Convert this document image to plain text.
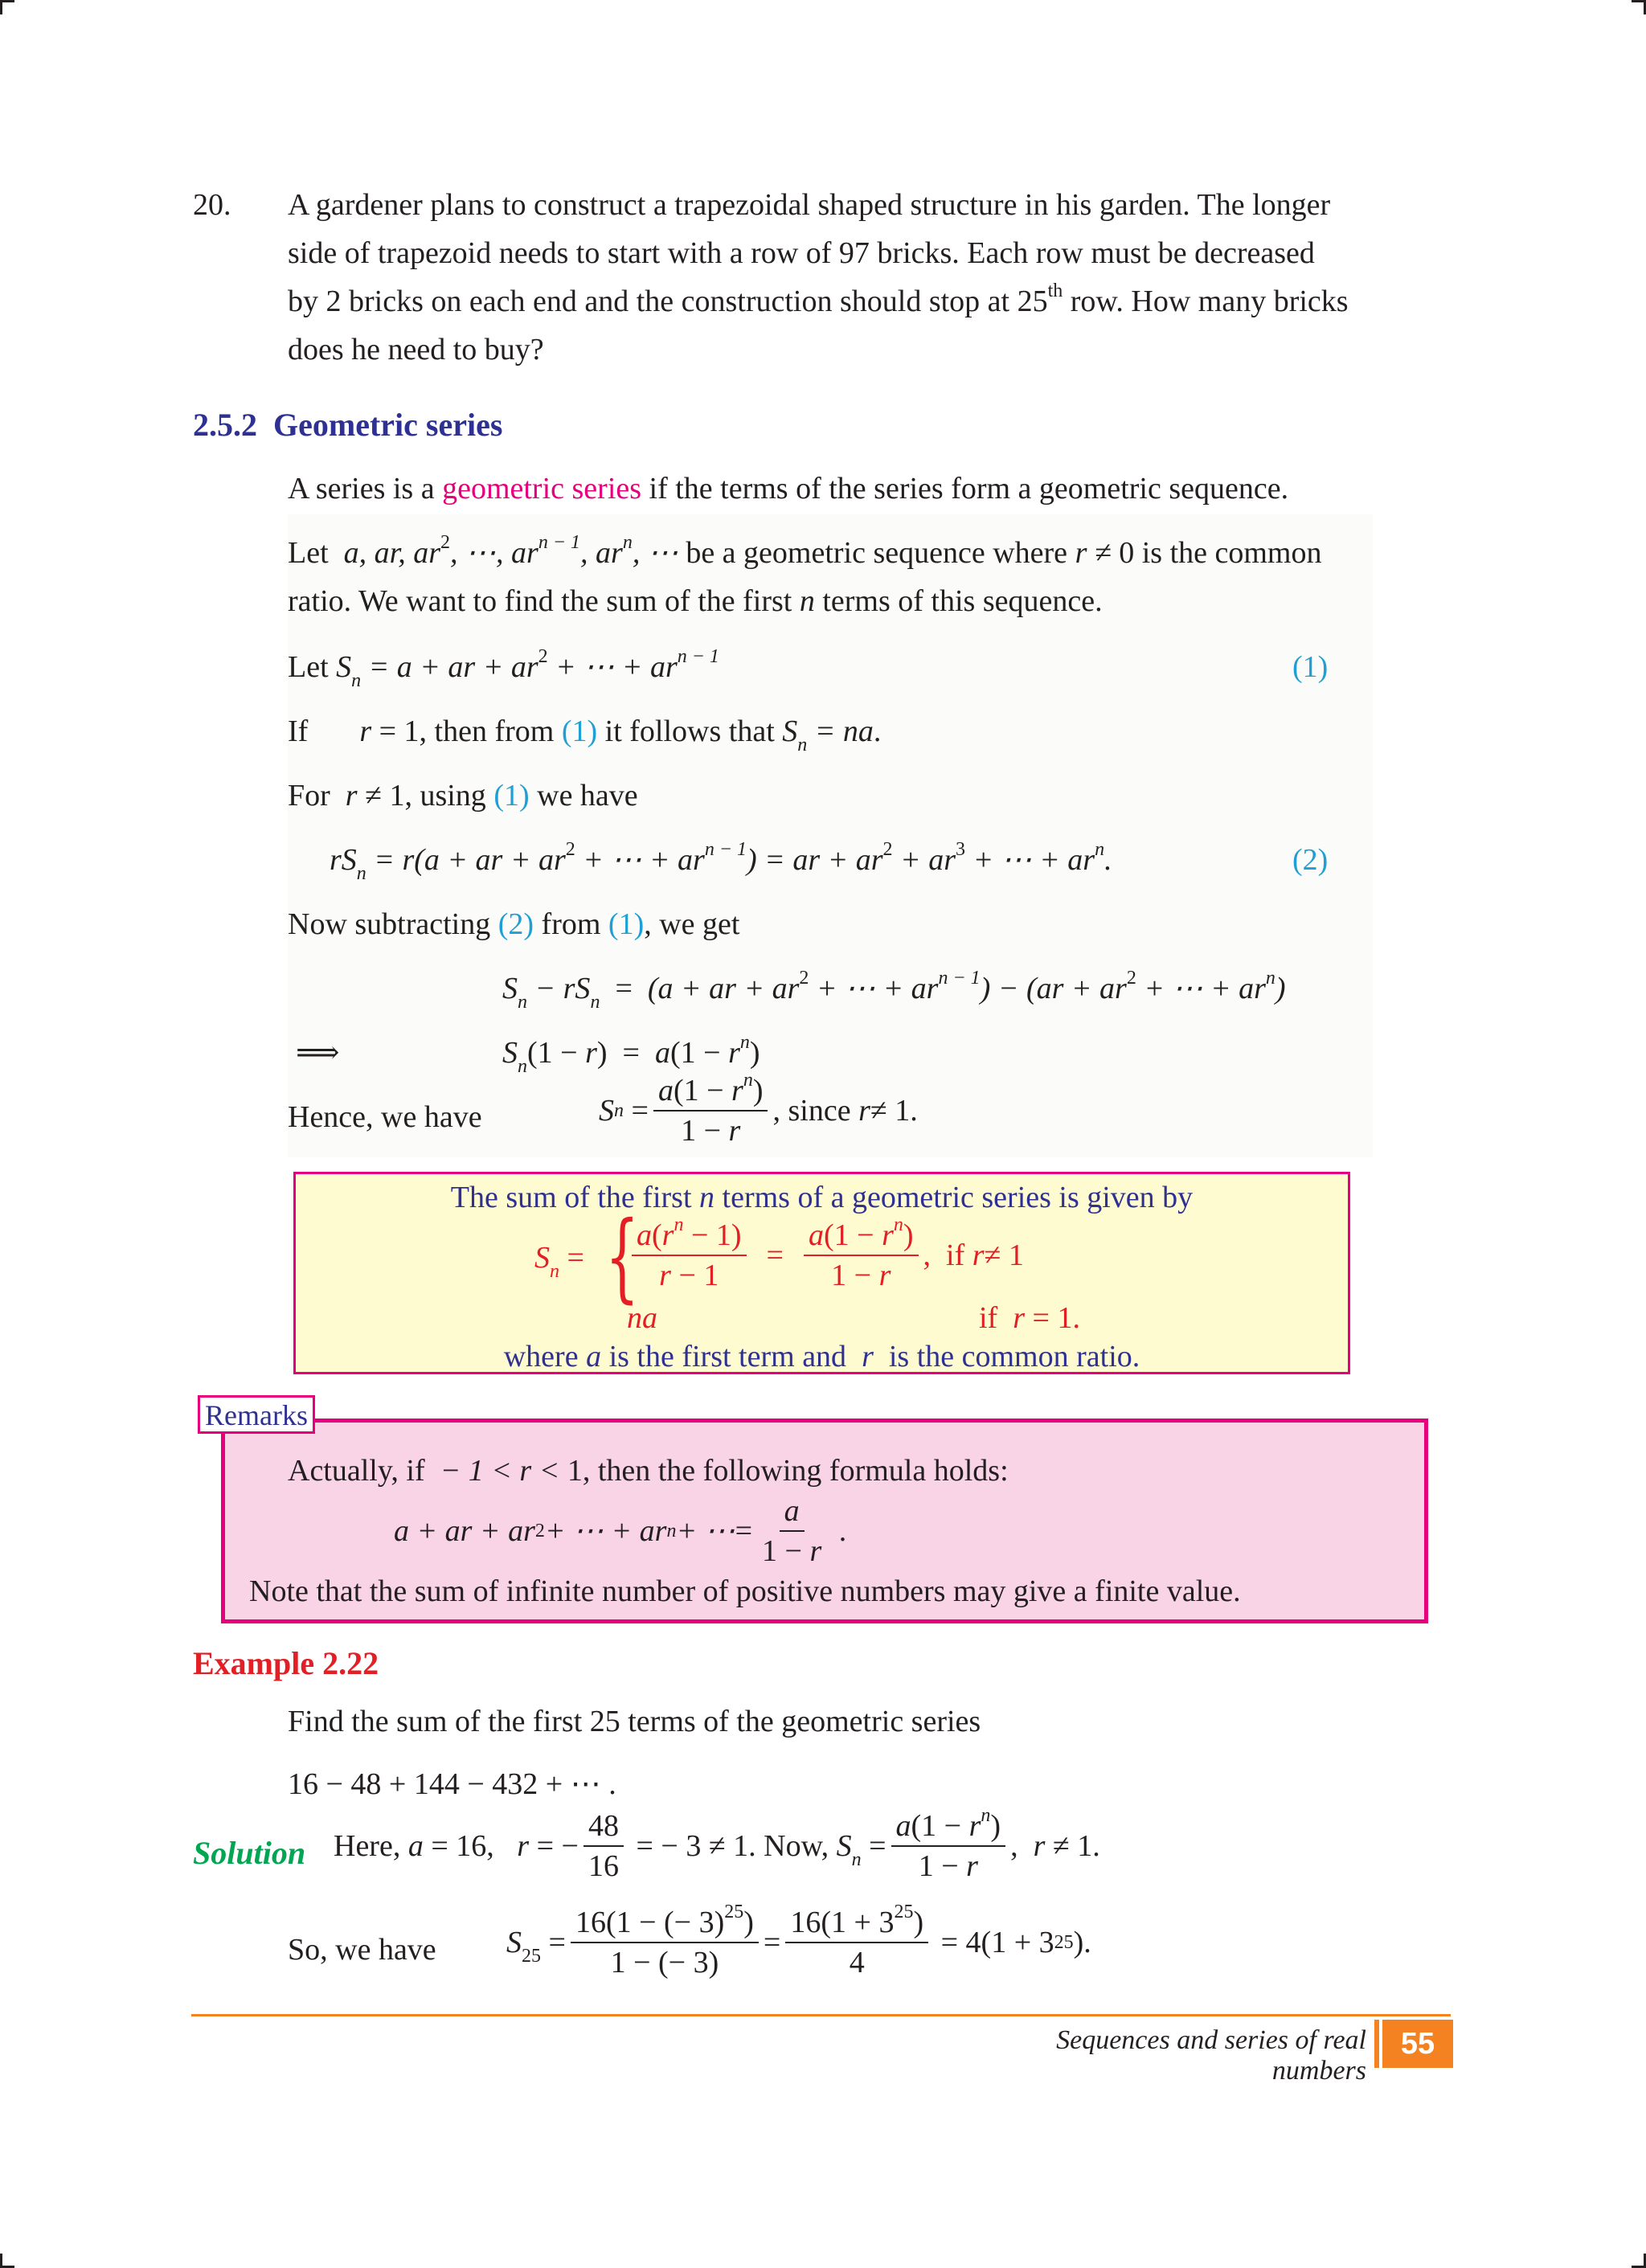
20. A gardener plans to construct a trapezoidal shaped structure in his garden. The longer
side of trapezoid needs to start with a row of 97 bricks. Each row must be decreased
by 2 bricks on each end and the construction should stop at 25th row. How many bricks
does he need to buy?
2.5.2 Geometric series
A series is a geometric series if the terms of the series form a geometric sequence.
Let  a, ar, $ar^2$, ⋯, $ar^{n - 1}$, $ar^n$, ⋯ be a geometric sequence where r ≠ 0 is the common
ratio. We want to find the sum of the first n terms of this sequence.
Let $S_n = a$ + ar + $ar^2$ + ⋯ + $ar^{n - 1}$	(1)
If r = 1, then from (1) it follows that $S_n$ = na.
For  r ≠ 1, using (1) we have
$rS_n = r(a$ + ar + $ar^2$ + ⋯ + $ar^{n - 1}$) = ar + $ar^2 + ar^3$ + ⋯ + $ar^n$.	(2)
Now subtracting (2) from (1), we get
$S_n - rS_n = (a$ + ar + $ar^2$ + ⋯ + $ar^{n - 1}) - (ar + ar^2$ + ⋯ + $ar^n$)
⟹	$S_n(1 - r) = a(1 - r^n)$
Hence, we have	S n
= $\frac{a(1 - r^n)}{1 - r}$ , since r ≠ 1.
The sum of the first n terms of a geometric series is given by
$S_n$ = {
$\frac{a(r^n - 1)}{r - 1}$
=
$\frac{a(1 - r^n)}{1 - r}$ , if r ≠ 1
na	if  r = 1.
where a is the first term and  r  is the common ratio.
Remarks
Actually, if  − 1 < r < 1, then the following formula holds:
a + ar + ar 2 + ⋯ + ar n + ⋯ = $\frac{a}{1 - r}$ .
Note that the sum of infinite number of positive numbers may give a finite value.
Example 2.22
Find the sum of the first 25 terms of the geometric series
16 − 48 + 144 − 432 + ⋯ .
Solution Here,
a = 16, r = − $\frac{48}{16}$ = − 3 ≠ 1. Now,
$S_n = \frac{a(1 - r^n)}{1 - r}$ , r ≠ 1.
So, we have $S_{25} = \frac{16(1 - (- 3)^{25})}{1 - (- 3)} = \frac{16(1 + 3^{25})}{4} = 4(1 + 3$ 25 ).
Sequences and series of real numbers
55
